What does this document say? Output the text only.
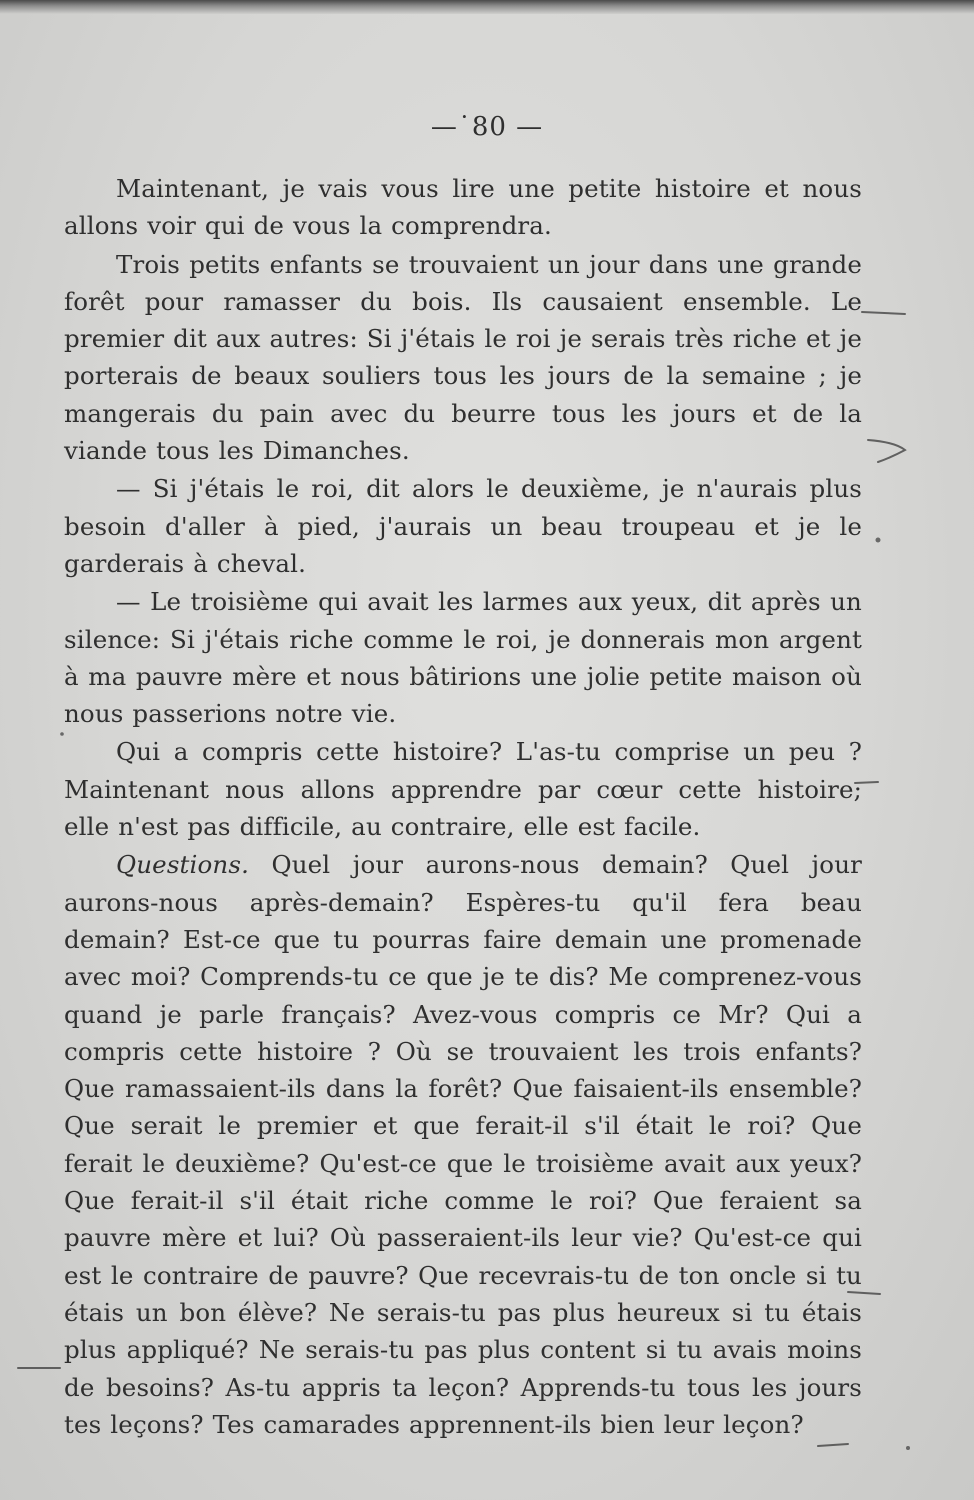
—˙80 —

Maintenant, je vais vous lire une petite histoire et nous allons voir qui de vous la comprendra.

Trois petits enfants se trouvaient un jour dans une grande forêt pour ramasser du bois. Ils causaient ensemble. Le premier dit aux autres: Si j'étais le roi je serais très riche et je porterais de beaux souliers tous les jours de la semaine ; je mangerais du pain avec du beurre tous les jours et de la viande tous les Dimanches.

— Si j'étais le roi, dit alors le deuxième, je n'aurais plus besoin d'aller à pied, j'aurais un beau troupeau et je le garderais à cheval.

— Le troisième qui avait les larmes aux yeux, dit après un silence: Si j'étais riche comme le roi, je donnerais mon argent à ma pauvre mère et nous bâtirions une jolie petite maison où nous passerions notre vie.

Qui a compris cette histoire? L'as-tu comprise un peu ? Maintenant nous allons apprendre par cœur cette histoire; elle n'est pas difficile, au contraire, elle est facile.

Questions. Quel jour aurons-nous demain? Quel jour aurons-nous après-demain? Espères-tu qu'il fera beau demain? Est-ce que tu pourras faire demain une promenade avec moi? Comprends-tu ce que je te dis? Me comprenez-vous quand je parle français? Avez-vous compris ce Mr? Qui a compris cette histoire ? Où se trouvaient les trois enfants? Que ramassaient-ils dans la forêt? Que faisaient-ils ensemble? Que serait le premier et que ferait-il s'il était le roi? Que ferait le deuxième? Qu'est-ce que le troisième avait aux yeux? Que ferait-il s'il était riche comme le roi? Que feraient sa pauvre mère et lui? Où passeraient-ils leur vie? Qu'est-ce qui est le contraire de pauvre? Que recevrais-tu de ton oncle si tu étais un bon élève? Ne serais-tu pas plus heureux si tu étais plus appliqué? Ne serais-tu pas plus content si tu avais moins de besoins? As-tu appris ta leçon? Apprends-tu tous les jours tes leçons? Tes camarades apprennent-ils bien leur leçon?
